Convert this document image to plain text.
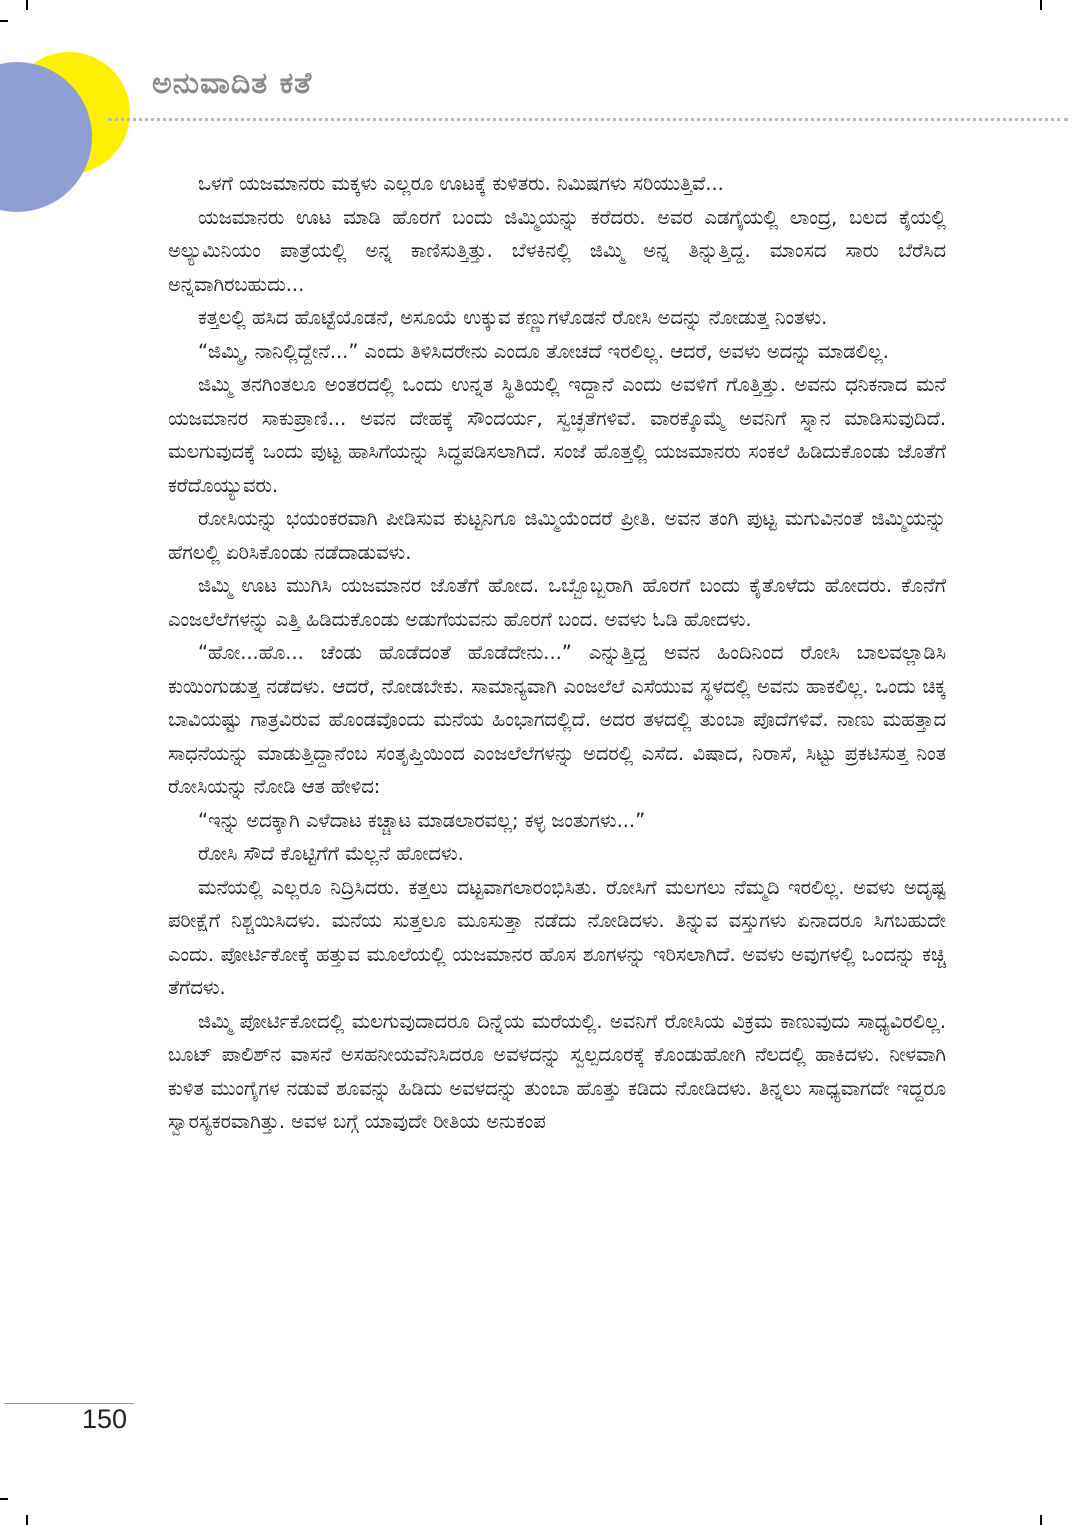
ಅನುವಾದಿತ ಕತೆ

ಒಳಗೆ ಯಜಮಾನರು ಮಕ್ಕಳು ಎಲ್ಲರೂ ಊಟಕ್ಕೆ ಕುಳಿತರು. ನಿಮಿಷಗಳು ಸರಿಯುತ್ತಿವೆ...

ಯಜಮಾನರು ಊಟ ಮಾಡಿ ಹೊರಗೆ ಬಂದು ಜಿಮ್ಮಿಯನ್ನು ಕರೆದರು. ಅವರ ಎಡಗೈಯಲ್ಲಿ ಲಾಂದ್ರ, ಬಲದ ಕೈಯಲ್ಲಿ ಅಲ್ಯುಮಿನಿಯಂ ಪಾತ್ರೆಯಲ್ಲಿ ಅನ್ನ ಕಾಣಿಸುತ್ತಿತ್ತು. ಬೆಳಕಿನಲ್ಲಿ ಜಿಮ್ಮಿ ಅನ್ನ ತಿನ್ನುತ್ತಿದ್ದ. ಮಾಂಸದ ಸಾರು ಬೆರೆಸಿದ ಅನ್ನವಾಗಿರಬಹುದು...

ಕತ್ತಲಲ್ಲಿ ಹಸಿದ ಹೊಟ್ಟೆಯೊಡನೆ, ಅಸೂಯೆ ಉಕ್ಕುವ ಕಣ್ಣುಗಳೊಡನೆ ರೋಸಿ ಅದನ್ನು ನೋಡುತ್ತ ನಿಂತಳು.

“ಜಿಮ್ಮಿ, ನಾನಿಲ್ಲಿದ್ದೇನೆ...” ಎಂದು ತಿಳಿಸಿದರೇನು ಎಂದೂ ತೋಚದೆ ಇರಲಿಲ್ಲ. ಆದರೆ, ಅವಳು ಅದನ್ನು ಮಾಡಲಿಲ್ಲ.

ಜಿಮ್ಮಿ ತನಗಿಂತಲೂ ಅಂತರದಲ್ಲಿ ಒಂದು ಉನ್ನತ ಸ್ಥಿತಿಯಲ್ಲಿ ಇದ್ದಾನೆ ಎಂದು ಅವಳಿಗೆ ಗೊತ್ತಿತ್ತು. ಅವನು ಧನಿಕನಾದ ಮನೆ ಯಜಮಾನರ ಸಾಕುಪ್ರಾಣಿ... ಅವನ ದೇಹಕ್ಕೆ ಸೌಂದರ್ಯ, ಸ್ವಚ್ಛತೆಗಳಿವೆ. ವಾರಕ್ಕೊಮ್ಮೆ ಅವನಿಗೆ ಸ್ನಾನ ಮಾಡಿಸುವುದಿದೆ. ಮಲಗುವುದಕ್ಕೆ ಒಂದು ಪುಟ್ಟ ಹಾಸಿಗೆಯನ್ನು ಸಿದ್ಧಪಡಿಸಲಾಗಿದೆ. ಸಂಜೆ ಹೊತ್ತಲ್ಲಿ ಯಜಮಾನರು ಸಂಕಲೆ ಹಿಡಿದುಕೊಂಡು ಜೊತೆಗೆ ಕರೆದೊಯ್ಯುವರು.

ರೋಸಿಯನ್ನು ಭಯಂಕರವಾಗಿ ಪೀಡಿಸುವ ಕುಟ್ಟನಿಗೂ ಜಿಮ್ಮಿಯೆಂದರೆ ಪ್ರೀತಿ. ಅವನ ತಂಗಿ ಪುಟ್ಟ ಮಗುವಿನಂತೆ ಜಿಮ್ಮಿಯನ್ನು ಹೆಗಲಲ್ಲಿ ಏರಿಸಿಕೊಂಡು ನಡೆದಾಡುವಳು.

ಜಿಮ್ಮಿ ಊಟ ಮುಗಿಸಿ ಯಜಮಾನರ ಜೊತೆಗೆ ಹೋದ. ಒಬ್ಬೊಬ್ಬರಾಗಿ ಹೊರಗೆ ಬಂದು ಕೈತೊಳೆದು ಹೋದರು. ಕೊನೆಗೆ ಎಂಜಲೆಲೆಗಳನ್ನು ಎತ್ತಿ ಹಿಡಿದುಕೊಂಡು ಅಡುಗೆಯವನು ಹೊರಗೆ ಬಂದ. ಅವಳು ಓಡಿ ಹೋದಳು.

“ಹೋ...ಹೊ... ಚೆಂಡು ಹೊಡೆದಂತೆ ಹೊಡೆದೇನು...” ಎನ್ನುತ್ತಿದ್ದ ಅವನ ಹಿಂದಿನಿಂದ ರೋಸಿ ಬಾಲವಲ್ಲಾಡಿಸಿ ಕುಯಿಂಗುಡುತ್ತ ನಡೆದಳು. ಆದರೆ, ನೋಡಬೇಕು. ಸಾಮಾನ್ಯವಾಗಿ ಎಂಜಲೆಲೆ ಎಸೆಯುವ ಸ್ಥಳದಲ್ಲಿ ಅವನು ಹಾಕಲಿಲ್ಲ. ಒಂದು ಚಿಕ್ಕ ಬಾವಿಯಷ್ಟು ಗಾತ್ರವಿರುವ ಹೊಂಡವೊಂದು ಮನೆಯ ಹಿಂಭಾಗದಲ್ಲಿದೆ. ಅದರ ತಳದಲ್ಲಿ ತುಂಬಾ ಪೊದೆಗಳಿವೆ. ನಾಣು ಮಹತ್ತಾದ ಸಾಧನೆಯನ್ನು ಮಾಡುತ್ತಿದ್ದಾನೆಂಬ ಸಂತೃಪ್ತಿಯಿಂದ ಎಂಜಲೆಲೆಗಳನ್ನು ಅದರಲ್ಲಿ ಎಸೆದ. ವಿಷಾದ, ನಿರಾಸೆ, ಸಿಟ್ಟು ಪ್ರಕಟಿಸುತ್ತ ನಿಂತ ರೋಸಿಯನ್ನು ನೋಡಿ ಆತ ಹೇಳಿದ:

“ಇನ್ನು ಅದಕ್ಕಾಗಿ ಎಳೆದಾಟ ಕಚ್ಚಾಟ ಮಾಡಲಾರವಲ್ಲ; ಕಳ್ಳ ಜಂತುಗಳು...”

ರೋಸಿ ಸೌದೆ ಕೊಟ್ಟಿಗೆಗೆ ಮೆಲ್ಲನೆ ಹೋದಳು.

ಮನೆಯಲ್ಲಿ ಎಲ್ಲರೂ ನಿದ್ರಿಸಿದರು. ಕತ್ತಲು ದಟ್ಟವಾಗಲಾರಂಭಿಸಿತು. ರೋಸಿಗೆ ಮಲಗಲು ನೆಮ್ಮದಿ ಇರಲಿಲ್ಲ. ಅವಳು ಅದೃಷ್ಟ ಪರೀಕ್ಷೆಗೆ ನಿಶ್ಚಯಿಸಿದಳು. ಮನೆಯ ಸುತ್ತಲೂ ಮೂಸುತ್ತಾ ನಡೆದು ನೋಡಿದಳು. ತಿನ್ನುವ ವಸ್ತುಗಳು ಏನಾದರೂ ಸಿಗಬಹುದೇ ಎಂದು. ಪೋರ್ಟಿಕೋಕ್ಕೆ ಹತ್ತುವ ಮೂಲೆಯಲ್ಲಿ ಯಜಮಾನರ ಹೊಸ ಶೂಗಳನ್ನು ಇರಿಸಲಾಗಿದೆ. ಅವಳು ಅವುಗಳಲ್ಲಿ ಒಂದನ್ನು ಕಚ್ಚಿ ತೆಗೆದಳು.

ಜಿಮ್ಮಿ ಪೋರ್ಟಿಕೋದಲ್ಲಿ ಮಲಗುವುದಾದರೂ ದಿನ್ನೆಯ ಮರೆಯಲ್ಲಿ. ಅವನಿಗೆ ರೋಸಿಯ ವಿಕ್ರಮ ಕಾಣುವುದು ಸಾಧ್ಯವಿರಲಿಲ್ಲ. ಬೂಟ್ ಪಾಲಿಶ್‌ನ ವಾಸನೆ ಅಸಹನೀಯವೆನಿಸಿದರೂ ಅವಳದನ್ನು ಸ್ವಲ್ಪದೂರಕ್ಕೆ ಕೊಂಡುಹೋಗಿ ನೆಲದಲ್ಲಿ ಹಾಕಿದಳು. ನೀಳವಾಗಿ ಕುಳಿತ ಮುಂಗೈಗಳ ನಡುವೆ ಶೂವನ್ನು ಹಿಡಿದು ಅವಳದನ್ನು ತುಂಬಾ ಹೊತ್ತು ಕಡಿದು ನೋಡಿದಳು. ತಿನ್ನಲು ಸಾಧ್ಯವಾಗದೇ ಇದ್ದರೂ ಸ್ವಾರಸ್ಯಕರವಾಗಿತ್ತು. ಅವಳ ಬಗ್ಗೆ ಯಾವುದೇ ರೀತಿಯ ಅನುಕಂಪ

150
